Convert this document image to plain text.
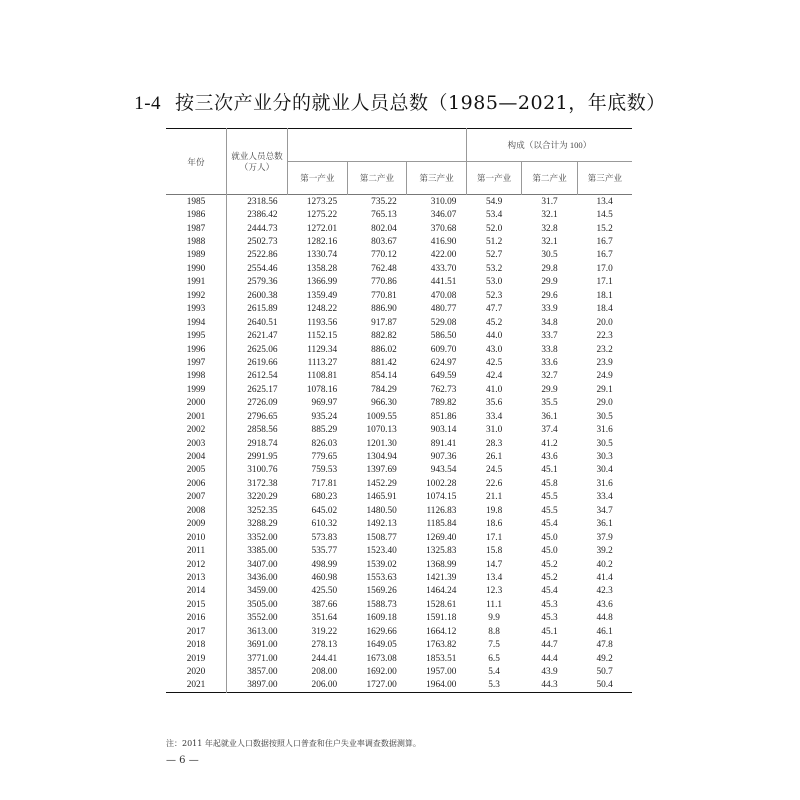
1-4 按三次产业分的就业人员总数（1985—2021，年底数）
年份	就业人员总数
（万人）				构成（以合计为 100）		
		第一产业	第二产业	第三产业	第一产业	第二产业	第三产业
1985	2318.56	1273.25	735.22	310.09	54.9	31.7	13.4
1986	2386.42	1275.22	765.13	346.07	53.4	32.1	14.5
1987	2444.73	1272.01	802.04	370.68	52.0	32.8	15.2
1988	2502.73	1282.16	803.67	416.90	51.2	32.1	16.7
1989	2522.86	1330.74	770.12	422.00	52.7	30.5	16.7
1990	2554.46	1358.28	762.48	433.70	53.2	29.8	17.0
1991	2579.36	1366.99	770.86	441.51	53.0	29.9	17.1
1992	2600.38	1359.49	770.81	470.08	52.3	29.6	18.1
1993	2615.89	1248.22	886.90	480.77	47.7	33.9	18.4
1994	2640.51	1193.56	917.87	529.08	45.2	34.8	20.0
1995	2621.47	1152.15	882.82	586.50	44.0	33.7	22.3
1996	2625.06	1129.34	886.02	609.70	43.0	33.8	23.2
1997	2619.66	1113.27	881.42	624.97	42.5	33.6	23.9
1998	2612.54	1108.81	854.14	649.59	42.4	32.7	24.9
1999	2625.17	1078.16	784.29	762.73	41.0	29.9	29.1
2000	2726.09	969.97	966.30	789.82	35.6	35.5	29.0
2001	2796.65	935.24	1009.55	851.86	33.4	36.1	30.5
2002	2858.56	885.29	1070.13	903.14	31.0	37.4	31.6
2003	2918.74	826.03	1201.30	891.41	28.3	41.2	30.5
2004	2991.95	779.65	1304.94	907.36	26.1	43.6	30.3
2005	3100.76	759.53	1397.69	943.54	24.5	45.1	30.4
2006	3172.38	717.81	1452.29	1002.28	22.6	45.8	31.6
2007	3220.29	680.23	1465.91	1074.15	21.1	45.5	33.4
2008	3252.35	645.02	1480.50	1126.83	19.8	45.5	34.7
2009	3288.29	610.32	1492.13	1185.84	18.6	45.4	36.1
2010	3352.00	573.83	1508.77	1269.40	17.1	45.0	37.9
2011	3385.00	535.77	1523.40	1325.83	15.8	45.0	39.2
2012	3407.00	498.99	1539.02	1368.99	14.7	45.2	40.2
2013	3436.00	460.98	1553.63	1421.39	13.4	45.2	41.4
2014	3459.00	425.50	1569.26	1464.24	12.3	45.4	42.3
2015	3505.00	387.66	1588.73	1528.61	11.1	45.3	43.6
2016	3552.00	351.64	1609.18	1591.18	9.9	45.3	44.8
2017	3613.00	319.22	1629.66	1664.12	8.8	45.1	46.1
2018	3691.00	278.13	1649.05	1763.82	7.5	44.7	47.8
2019	3771.00	244.41	1673.08	1853.51	6.5	44.4	49.2
2020	3857.00	208.00	1692.00	1957.00	5.4	43.9	50.7
2021	3897.00	206.00	1727.00	1964.00	5.3	44.3	50.4
注：2011 年起就业人口数据按照人口普查和住户失业率调查数据测算。
— 6 —
